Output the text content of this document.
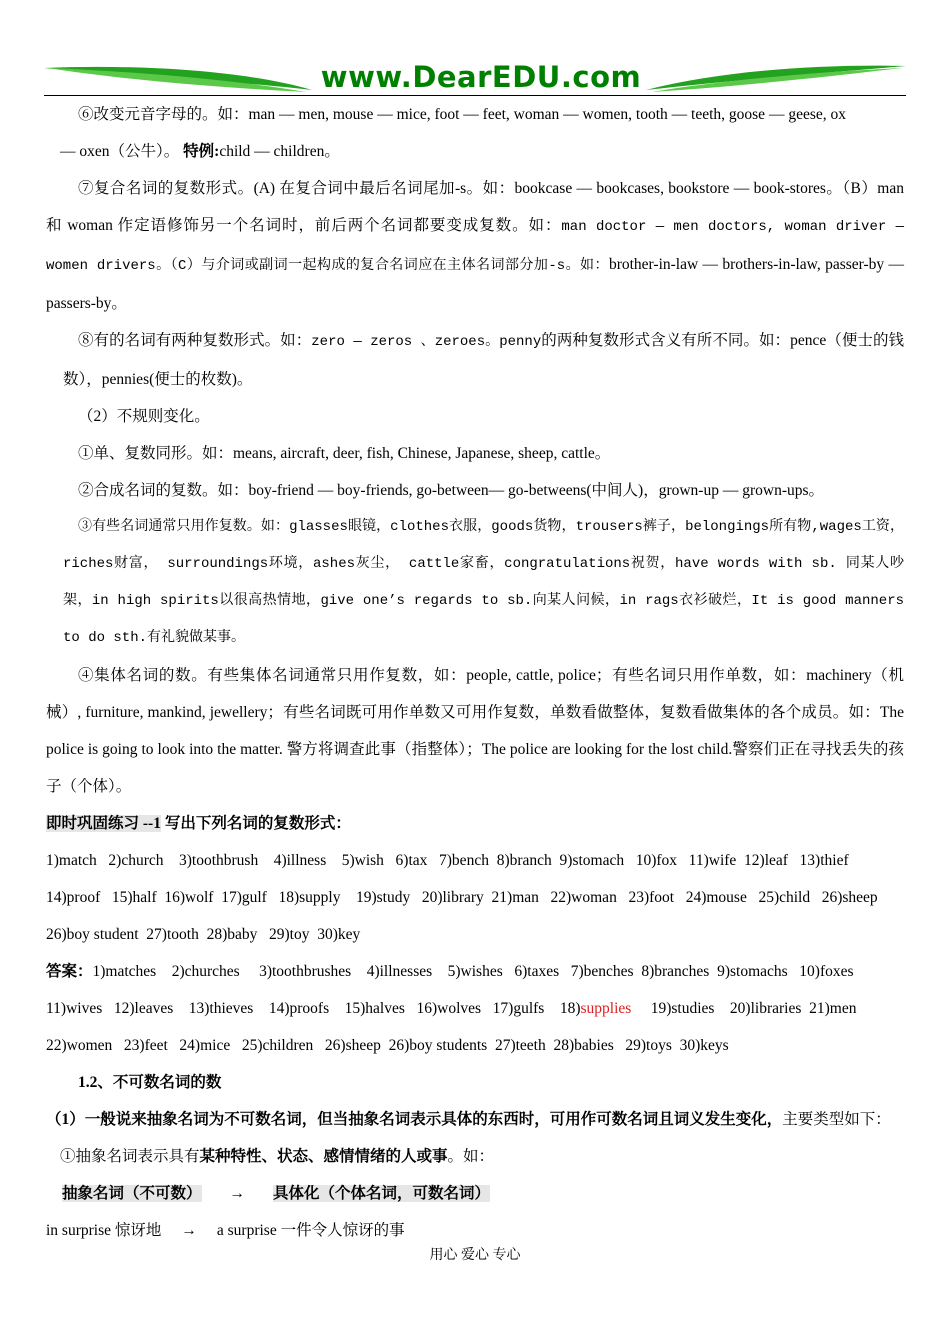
www.DearEDU.com

⑥改变元音字母的。如：man — men, mouse — mice, foot — feet, woman — women, tooth — teeth, goose — geese, ox

— oxen（公牛）。 特例:child — children。

⑦复合名词的复数形式。(A) 在复合词中最后名词尾加-s。如：bookcase — bookcases, bookstore — book-stores。（B）man 和 woman 作定语修饰另一个名词时，前后两个名词都要变成复数。如：man doctor — men doctors, woman driver — women drivers。（C）与介词或副词一起构成的复合名词应在主体名词部分加-s。如：brother-in-law — brothers-in-law, passer-by — passers-by。

⑧有的名词有两种复数形式。如：zero — zeros 、zeroes。penny的两种复数形式含义有所不同。如：pence（便士的钱数），pennies(便士的枚数)。

（2）不规则变化。

①单、复数同形。如：means, aircraft, deer, fish, Chinese, Japanese, sheep, cattle。

②合成名词的复数。如：boy-friend — boy-friends, go-between— go-betweens(中间人)，grown-up — grown-ups。

③有些名词通常只用作复数。如：glasses眼镜，clothes衣服，goods货物，trousers裤子，belongings所有物,wages工资，riches财富， surroundings环境，ashes灰尘， cattle家畜，congratulations祝贺，have words with sb. 同某人吵架，in high spirits以很高热情地，give one’s regards to sb.向某人问候，in rags衣衫破烂，It is good manners to do sth.有礼貌做某事。

④集体名词的数。有些集体名词通常只用作复数，如：people, cattle, police；有些名词只用作单数，如：machinery（机械）, furniture, mankind, jewellery；有些名词既可用作单数又可用作复数，单数看做整体，复数看做集体的各个成员。如：The police is going to look into the matter. 警方将调查此事（指整体）；The police are looking for the lost child.警察们正在寻找丢失的孩子（个体）。

即时巩固练习 --1 写出下列名词的复数形式：

1)match   2)church    3)toothbrush    4)illness    5)wish   6)tax   7)bench  8)branch  9)stomach   10)fox   11)wife  12)leaf   13)thief   14)proof   15)half  16)wolf  17)gulf   18)supply    19)study   20)library  21)man   22)woman   23)foot   24)mouse   25)child   26)sheep   26)boy student  27)tooth  28)baby   29)toy  30)key

答案：1)matches    2)churches     3)toothbrushes    4)illnesses    5)wishes   6)taxes   7)benches  8)branches  9)stomachs   10)foxes   11)wives   12)leaves    13)thieves    14)proofs    15)halves   16)wolves   17)gulfs    18)supplies     19)studies    20)libraries  21)men  22)women   23)feet   24)mice   25)children   26)sheep  26)boy students  27)teeth  28)babies   29)toys  30)keys

1.2、不可数名词的数

（1）一般说来抽象名词为不可数名词，但当抽象名词表示具体的东西时，可用作可数名词且词义发生变化，主要类型如下：

①抽象名词表示具有某种特性、状态、感情情绪的人或事。如：

抽象名词（不可数） → 具体化（个体名词，可数名词）

in surprise 惊讶地 → a surprise 一件令人惊讶的事

用心 爱心 专心
